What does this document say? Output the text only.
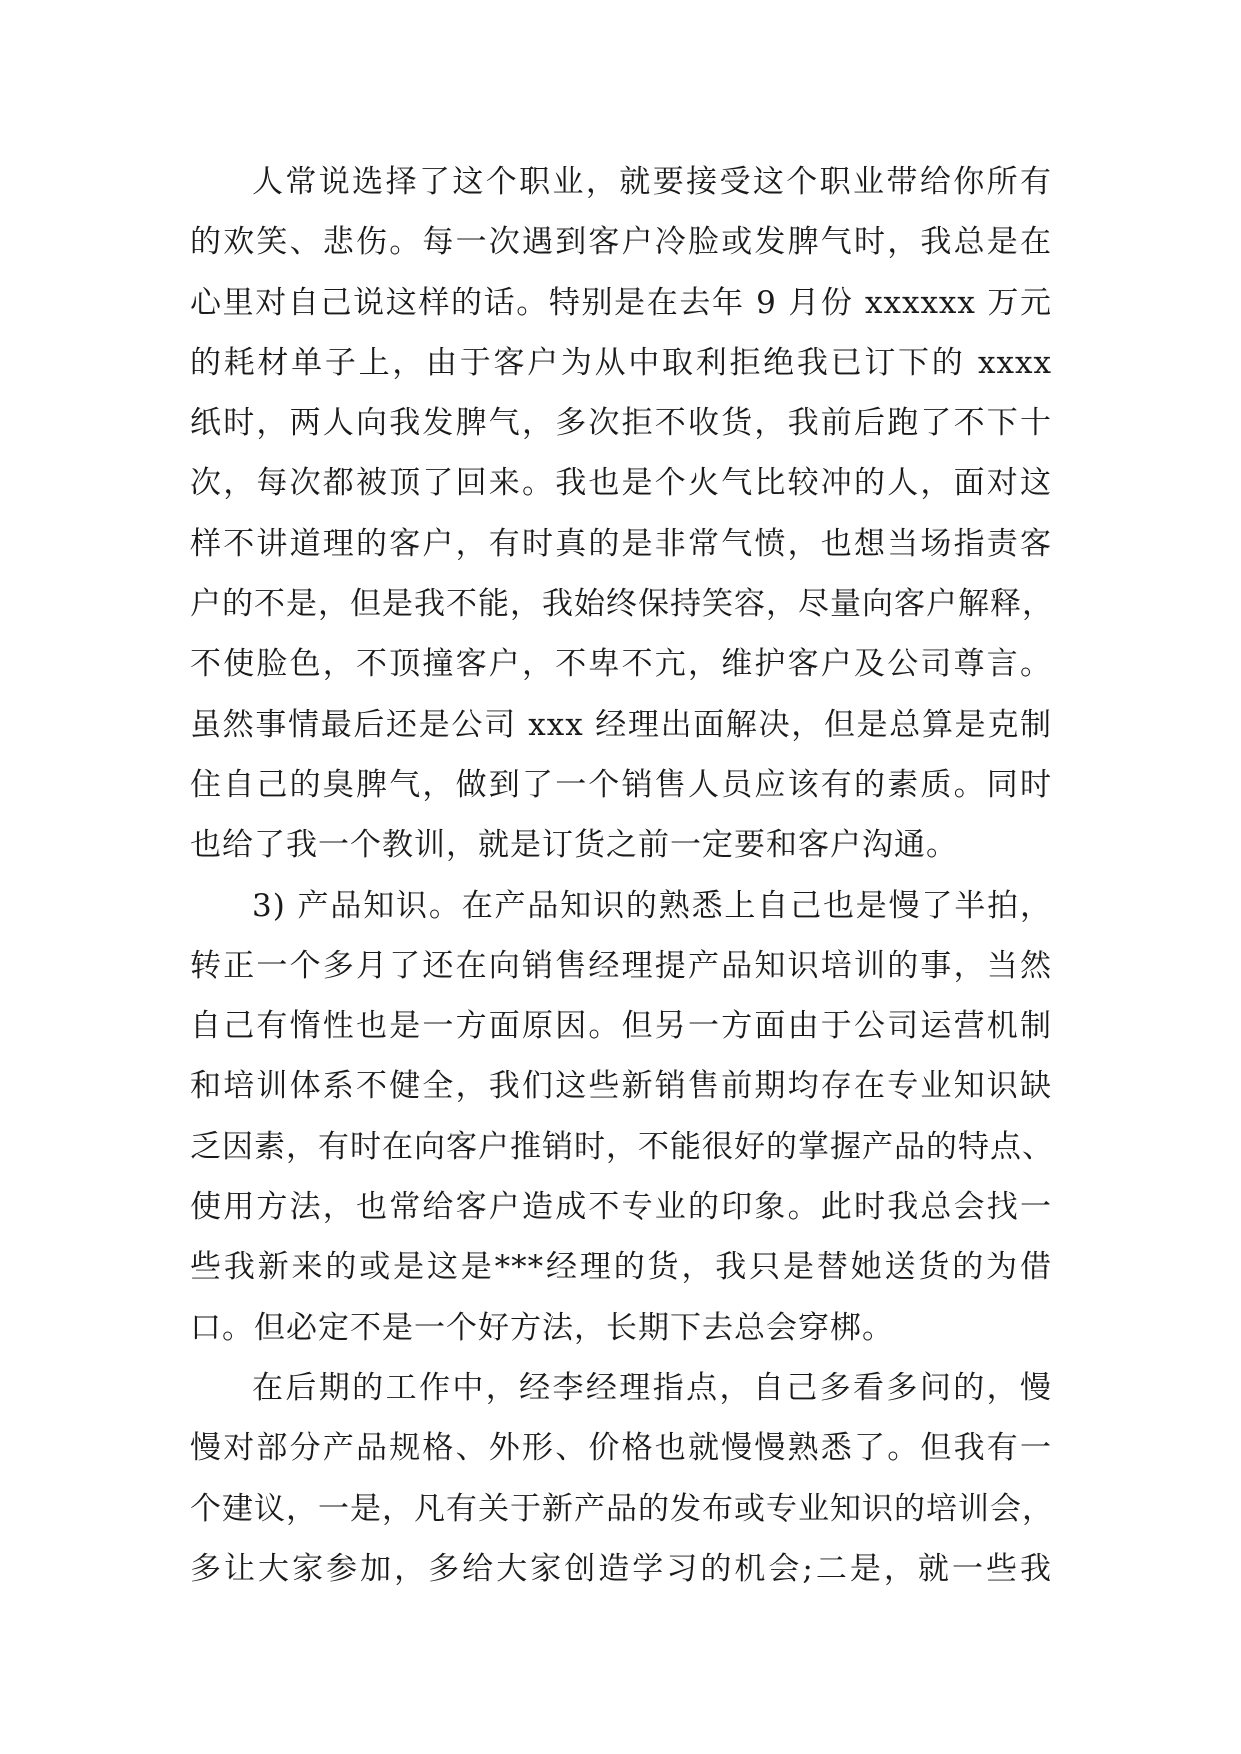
人常说选择了这个职业，就要接受这个职业带给你所有
的欢笑、悲伤。每一次遇到客户冷脸或发脾气时，我总是在
心里对自己说这样的话。特别是在去年 9 月份 xxxxxx 万元
的耗材单子上，由于客户为从中取利拒绝我已订下的 xxxx
纸时，两人向我发脾气，多次拒不收货，我前后跑了不下十
次，每次都被顶了回来。我也是个火气比较冲的人，面对这
样不讲道理的客户，有时真的是非常气愤，也想当场指责客
户的不是，但是我不能，我始终保持笑容，尽量向客户解释，
不使脸色，不顶撞客户，不卑不亢，维护客户及公司尊言。
虽然事情最后还是公司 xxx 经理出面解决，但是总算是克制
住自己的臭脾气，做到了一个销售人员应该有的素质。同时
也给了我一个教训，就是订货之前一定要和客户沟通。
3) 产品知识。在产品知识的熟悉上自己也是慢了半拍，
转正一个多月了还在向销售经理提产品知识培训的事，当然
自己有惰性也是一方面原因。但另一方面由于公司运营机制
和培训体系不健全，我们这些新销售前期均存在专业知识缺
乏因素，有时在向客户推销时，不能很好的掌握产品的特点、
使用方法，也常给客户造成不专业的印象。此时我总会找一
些我新来的或是这是***经理的货，我只是替她送货的为借
口。但必定不是一个好方法，长期下去总会穿梆。
在后期的工作中，经李经理指点，自己多看多问的，慢
慢对部分产品规格、外形、价格也就慢慢熟悉了。但我有一
个建议，一是，凡有关于新产品的发布或专业知识的培训会，
多让大家参加，多给大家创造学习的机会;二是，就一些我
